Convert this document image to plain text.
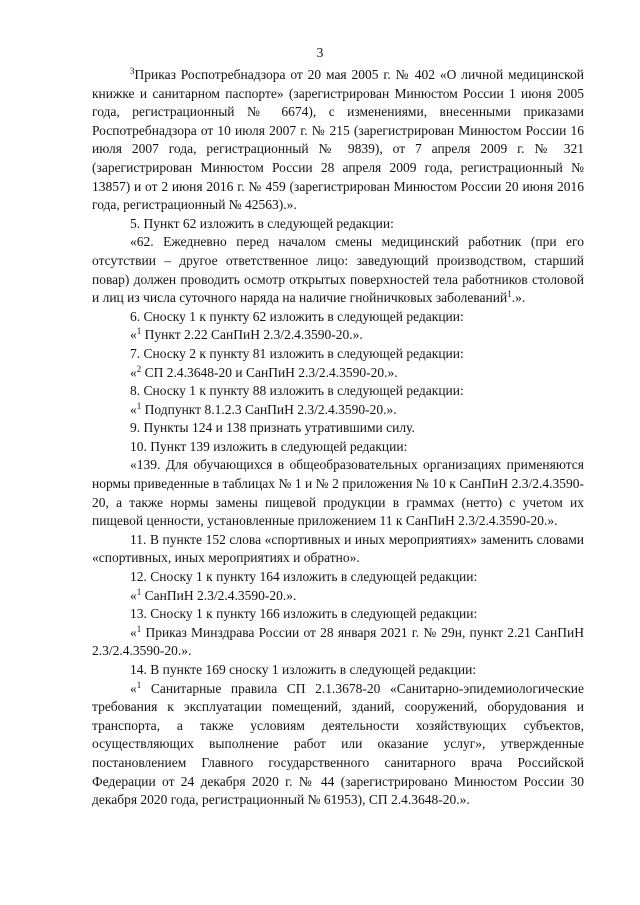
3

$^3$Приказ Роспотребнадзора от 20 мая 2005 г. № 402 «О личной медицинской книжке и санитарном паспорте» (зарегистрирован Минюстом России 1 июня 2005 года, регистрационный № 6674), с изменениями, внесенными приказами Роспотребнадзора от 10 июля 2007 г. № 215 (зарегистрирован Минюстом России 16 июля 2007 года, регистрационный № 9839), от 7 апреля 2009 г. № 321 (зарегистрирован Минюстом России 28 апреля 2009 года, регистрационный № 13857) и от 2 июня 2016 г. № 459 (зарегистрирован Минюстом России 20 июня 2016 года, регистрационный № 42563).».

5. Пункт 62 изложить в следующей редакции:

«62. Ежедневно перед началом смены медицинский работник (при его отсутствии – другое ответственное лицо: заведующий производством, старший повар) должен проводить осмотр открытых поверхностей тела работников столовой и лиц из числа суточного наряда на наличие гнойничковых заболеваний$^1$.».

6. Сноску 1 к пункту 62 изложить в следующей редакции:

«$^1$ Пункт 2.22 СанПиН 2.3/2.4.3590-20.».

7. Сноску 2 к пункту 81 изложить в следующей редакции:

«$^2$ СП 2.4.3648-20 и СанПиН 2.3/2.4.3590-20.».

8. Сноску 1 к пункту 88 изложить в следующей редакции:

«$^1$ Подпункт 8.1.2.3 СанПиН 2.3/2.4.3590-20.».

9. Пункты 124 и 138 признать утратившими силу.

10. Пункт 139 изложить в следующей редакции:

«139. Для обучающихся в общеобразовательных организациях применяются нормы приведенные в таблицах № 1 и № 2 приложения № 10 к СанПиН 2.3/2.4.3590-20, а также нормы замены пищевой продукции в граммах (нетто) с учетом их пищевой ценности, установленные приложением 11 к СанПиН 2.3/2.4.3590-20.».

11. В пункте 152 слова «спортивных и иных мероприятиях» заменить словами «спортивных, иных мероприятиях и обратно».

12. Сноску 1 к пункту 164 изложить в следующей редакции:

«$^1$ СанПиН 2.3/2.4.3590-20.».

13. Сноску 1 к пункту 166 изложить в следующей редакции:

«$^1$ Приказ Минздрава России от 28 января 2021 г. № 29н, пункт 2.21 СанПиН 2.3/2.4.3590-20.».

14. В пункте 169 сноску 1 изложить в следующей редакции:

«$^1$ Санитарные правила СП 2.1.3678-20 «Санитарно-эпидемиологические требования к эксплуатации помещений, зданий, сооружений, оборудования и транспорта, а также условиям деятельности хозяйствующих субъектов, осуществляющих выполнение работ или оказание услуг», утвержденные постановлением Главного государственного санитарного врача Российской Федерации от 24 декабря 2020 г. № 44 (зарегистрировано Минюстом России 30 декабря 2020 года, регистрационный № 61953), СП 2.4.3648-20.».
